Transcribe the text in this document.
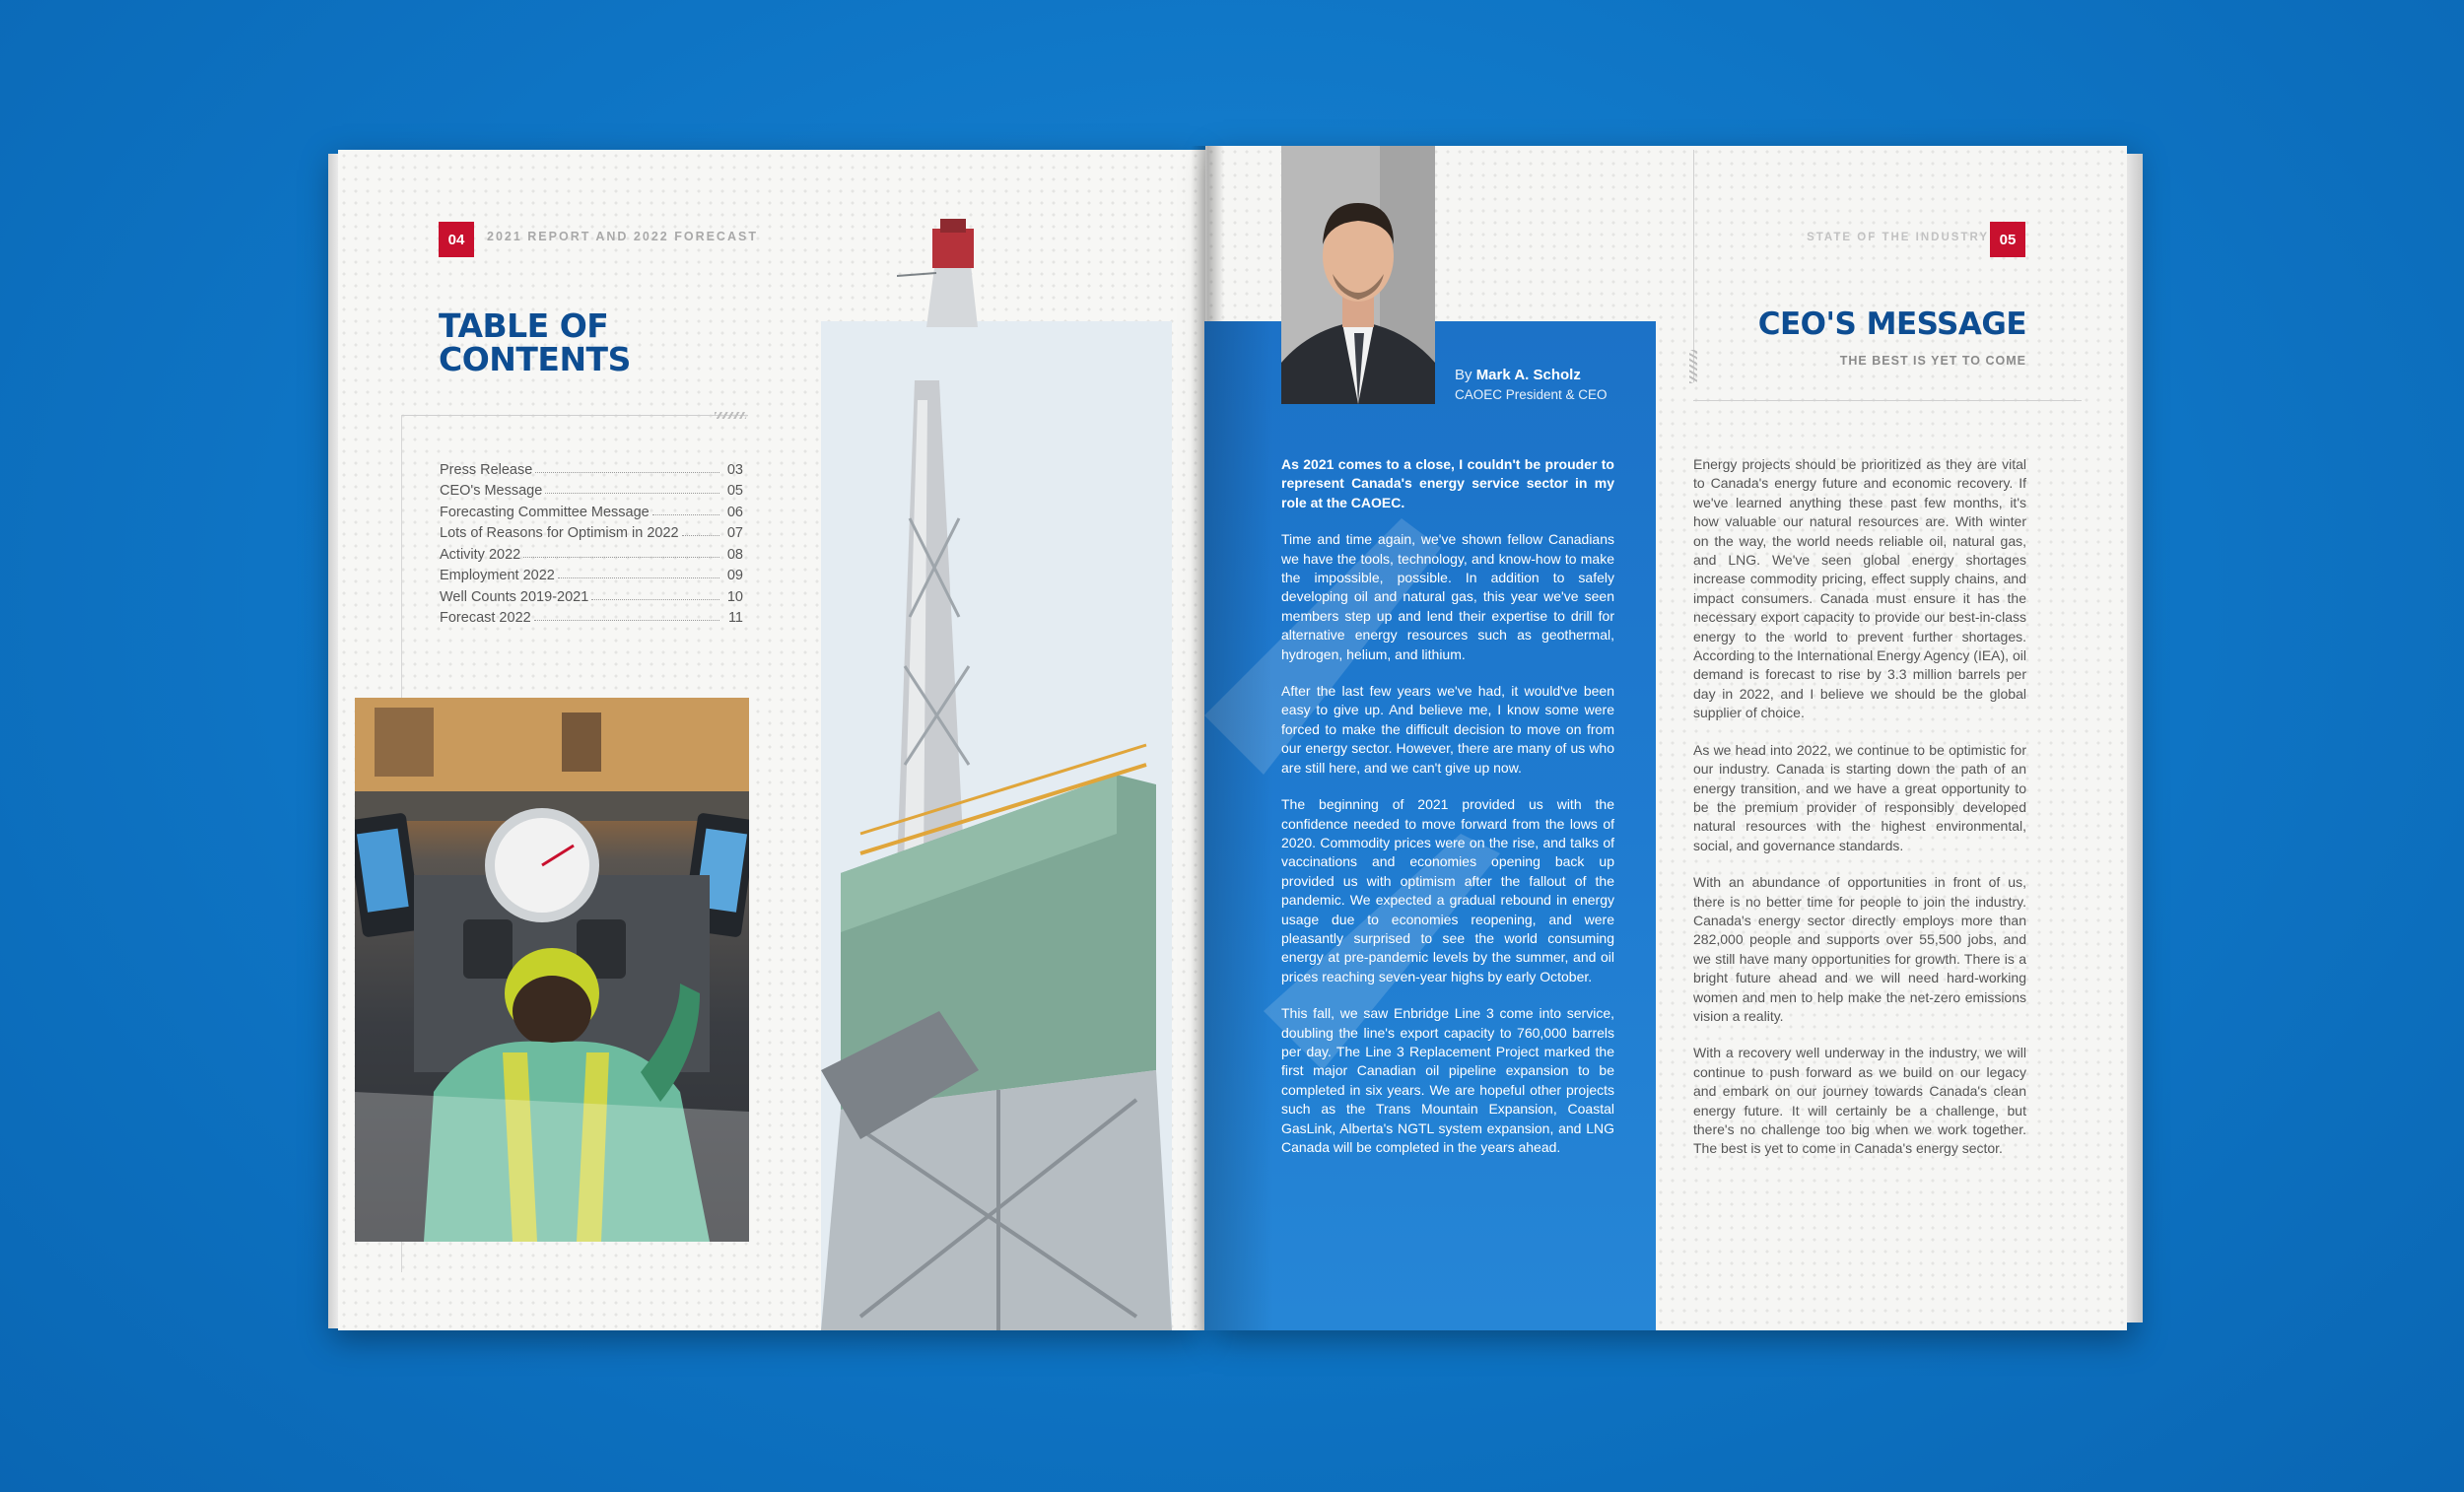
04	2021 REPORT AND 2022 FORECAST
TABLE OF
CONTENTS
Press Release	03
CEO's Message	05
Forecasting Committee Message	06
Lots of Reasons for Optimism in 2022	07
Activity 2022	08
Employment 2022	09
Well Counts 2019-2021	10
Forecast 2022	11
By Mark A. Scholz
CAOEC President & CEO
STATE OF THE INDUSTRY 05
CEO'S MESSAGE
THE BEST IS YET TO COME

As 2021 comes to a close, I couldn't be prouder to represent Canada's energy service sector in my role at the CAOEC.

Time and time again, we've shown fellow Canadians we have the tools, technology, and know-how to make the impossible, possible. In addition to safely developing oil and natural gas, this year we've seen members step up and lend their expertise to drill for alternative energy resources such as geothermal, hydrogen, helium, and lithium.

After the last few years we've had, it would've been easy to give up. And believe me, I know some were forced to make the difficult decision to move on from our energy sector. However, there are many of us who are still here, and we can't give up now.

The beginning of 2021 provided us with the confidence needed to move forward from the lows of 2020. Commodity prices were on the rise, and talks of vaccinations and economies opening back up provided us with optimism after the fallout of the pandemic. We expected a gradual rebound in energy usage due to economies reopening, and were pleasantly surprised to see the world consuming energy at pre-pandemic levels by the summer, and oil prices reaching seven-year highs by early October.

This fall, we saw Enbridge Line 3 come into service, doubling the line's export capacity to 760,000 barrels per day. The Line 3 Replacement Project marked the first major Canadian oil pipeline expansion to be completed in six years. We are hopeful other projects such as the Trans Mountain Expansion, Coastal GasLink, Alberta's NGTL system expansion, and LNG Canada will be completed in the years ahead.

Energy projects should be prioritized as they are vital to Canada's energy future and economic recovery. If we've learned anything these past few months, it's how valuable our natural resources are. With winter on the way, the world needs reliable oil, natural gas, and LNG. We've seen global energy shortages increase commodity pricing, effect supply chains, and impact consumers. Canada must ensure it has the necessary export capacity to provide our best-in-class energy to the world to prevent further shortages. According to the International Energy Agency (IEA), oil demand is forecast to rise by 3.3 million barrels per day in 2022, and I believe we should be the global supplier of choice.

As we head into 2022, we continue to be optimistic for our industry. Canada is starting down the path of an energy transition, and we have a great opportunity to be the premium provider of responsibly developed natural resources with the highest environmental, social, and governance standards.

With an abundance of opportunities in front of us, there is no better time for people to join the industry. Canada's energy sector directly employs more than 282,000 people and supports over 55,500 jobs, and we still have many opportunities for growth. There is a bright future ahead and we will need hard-working women and men to help make the net-zero emissions vision a reality.

With a recovery well underway in the industry, we will continue to push forward as we build on our legacy and embark on our journey towards Canada's clean energy future. It will certainly be a challenge, but there's no challenge too big when we work together. The best is yet to come in Canada's energy sector.
